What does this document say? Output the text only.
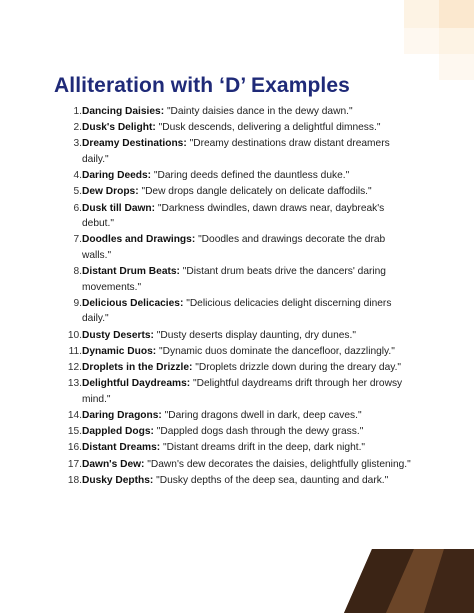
Alliteration with ‘D’ Examples
1. Dancing Daisies: "Dainty daisies dance in the dewy dawn."
2. Dusk's Delight: "Dusk descends, delivering a delightful dimness."
3. Dreamy Destinations: "Dreamy destinations draw distant dreamers daily."
4. Daring Deeds: "Daring deeds defined the dauntless duke."
5. Dew Drops: "Dew drops dangle delicately on delicate daffodils."
6. Dusk till Dawn: "Darkness dwindles, dawn draws near, daybreak's debut."
7. Doodles and Drawings: "Doodles and drawings decorate the drab walls."
8. Distant Drum Beats: "Distant drum beats drive the dancers' daring movements."
9. Delicious Delicacies: "Delicious delicacies delight discerning diners daily."
10. Dusty Deserts: "Dusty deserts display daunting, dry dunes."
11. Dynamic Duos: "Dynamic duos dominate the dancefloor, dazzlingly."
12. Droplets in the Drizzle: "Droplets drizzle down during the dreary day."
13. Delightful Daydreams: "Delightful daydreams drift through her drowsy mind."
14. Daring Dragons: "Daring dragons dwell in dark, deep caves."
15. Dappled Dogs: "Dappled dogs dash through the dewy grass."
16. Distant Dreams: "Distant dreams drift in the deep, dark night."
17. Dawn's Dew: "Dawn's dew decorates the daisies, delightfully glistening."
18. Dusky Depths: "Dusky depths of the deep sea, daunting and dark."
